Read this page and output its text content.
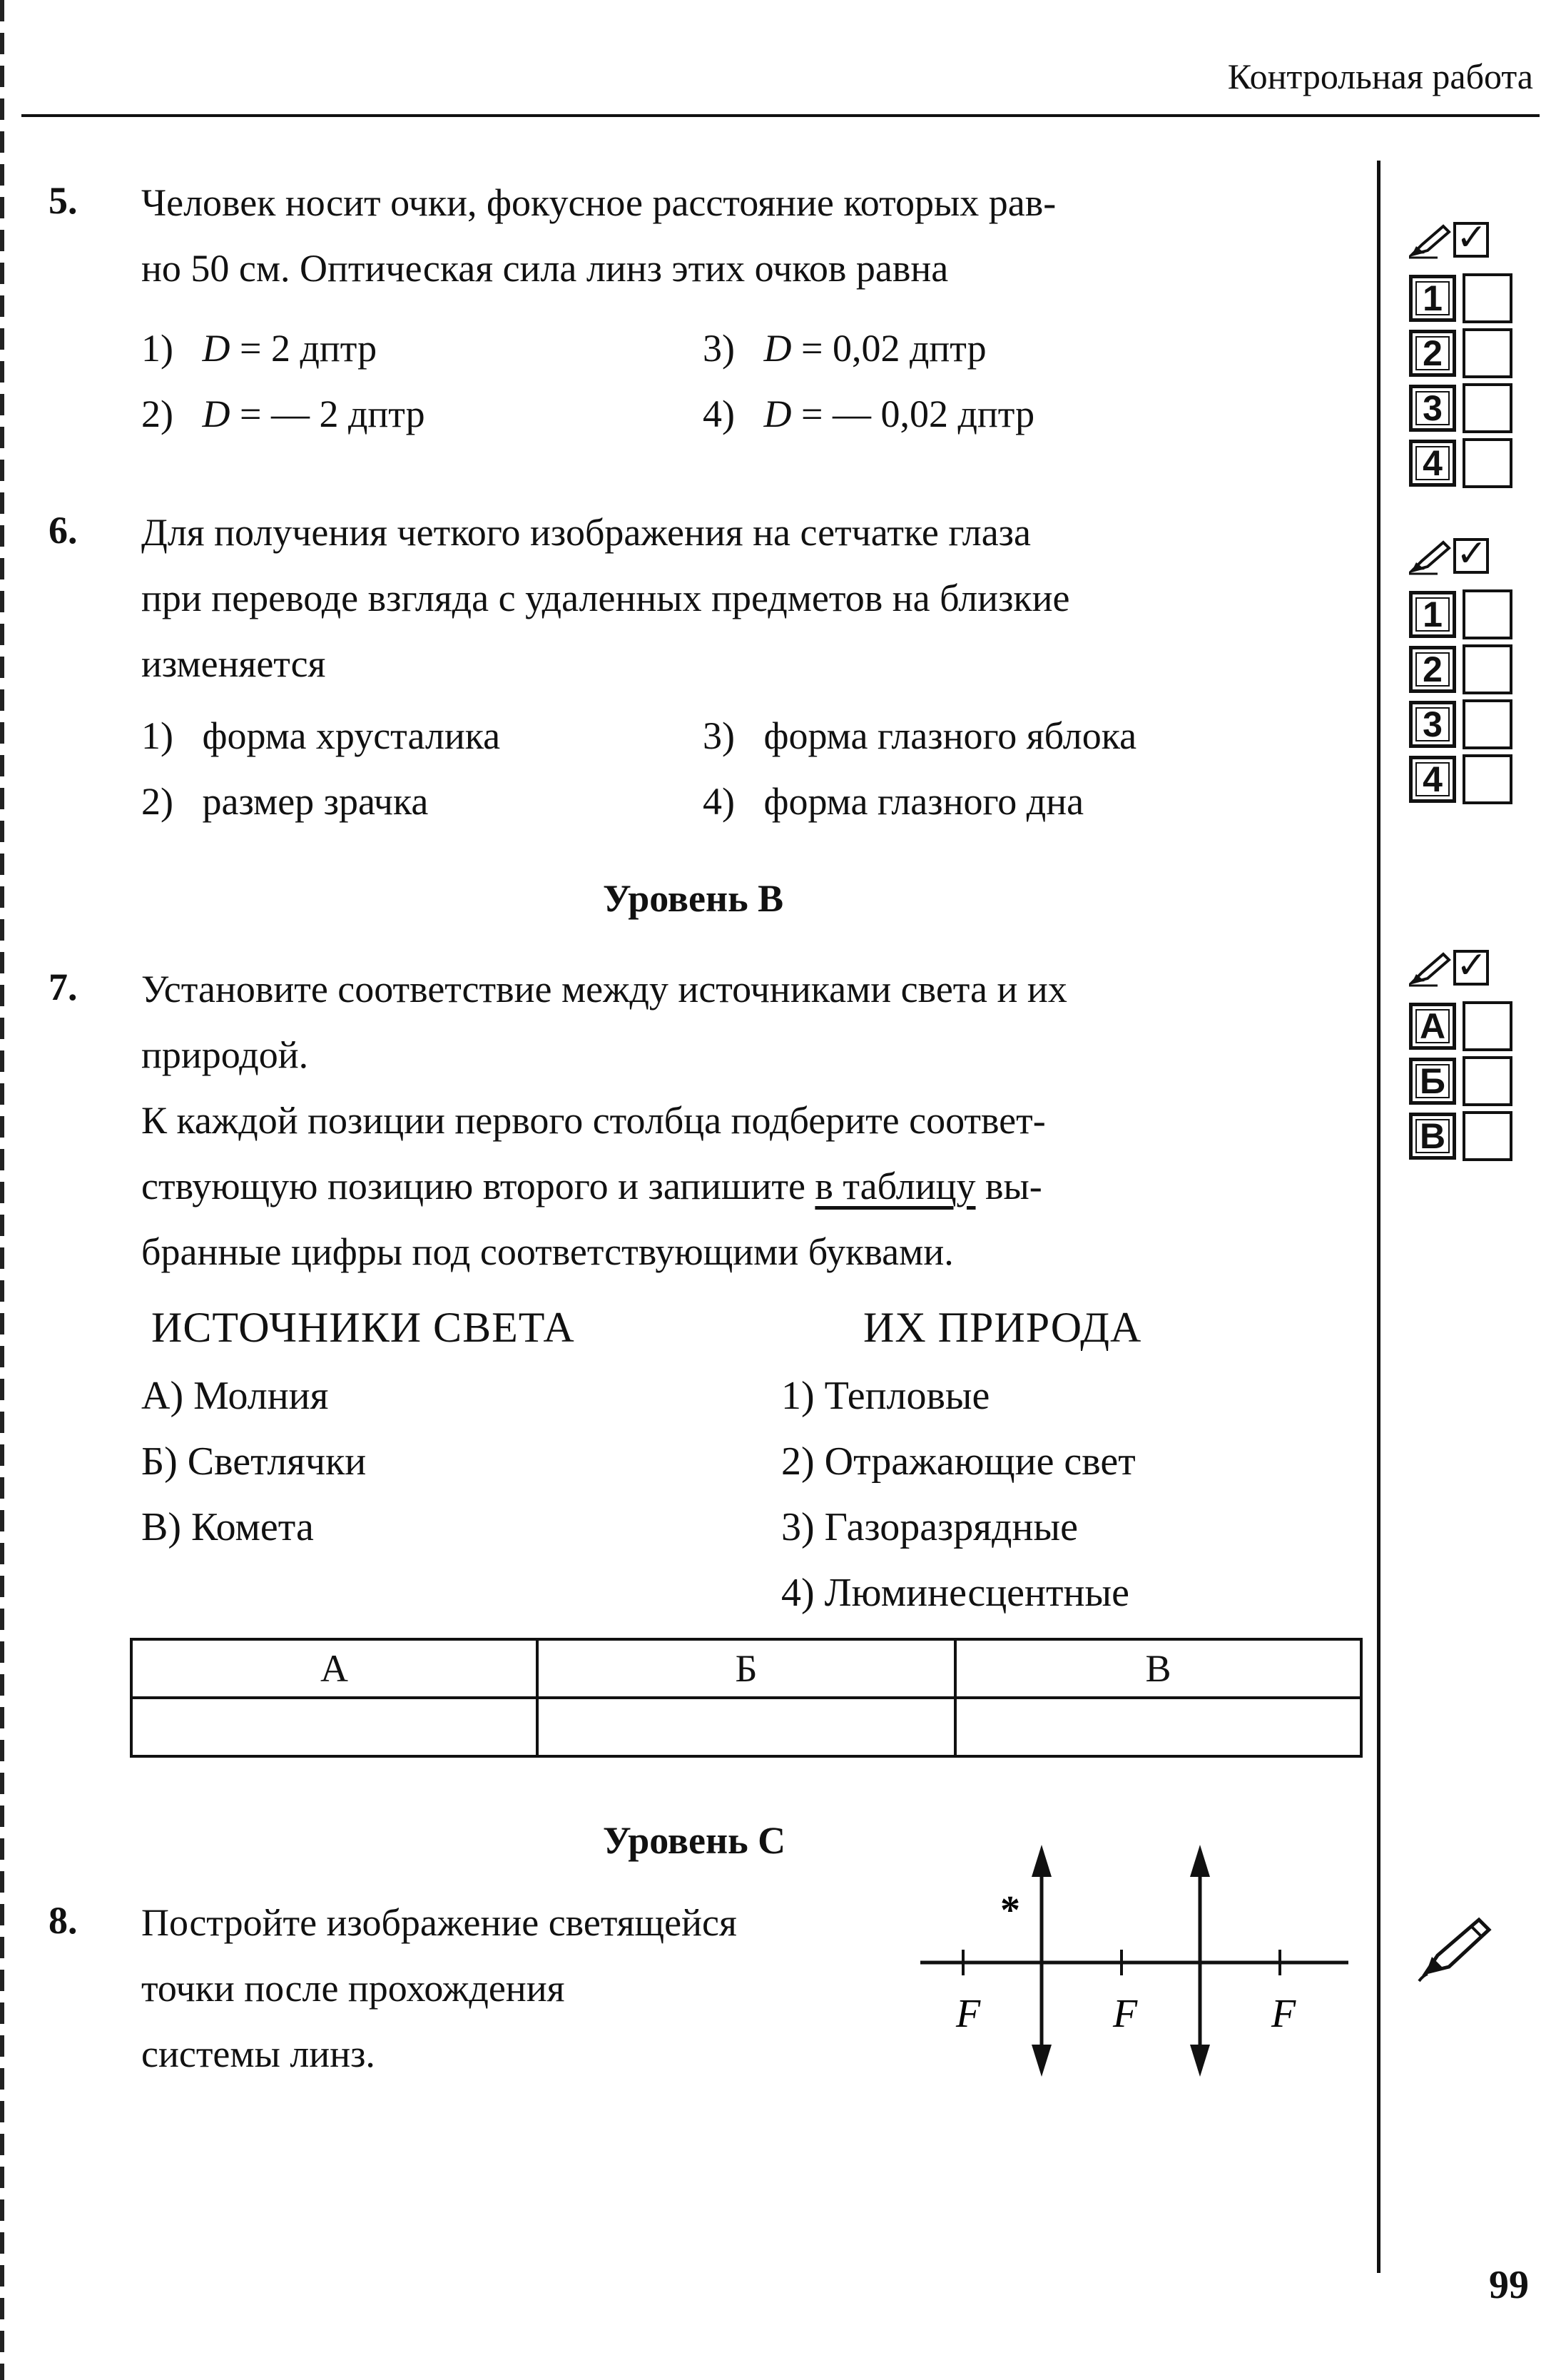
Контрольная работа
5. Человек носит очки, фокусное расстояние которых рав-
но 50 см. Оптическая сила линз этих очков равна
1) D = 2 дптр
2) D = — 2 дптр
3) D = 0,02 дптр
4) D = — 0,02 дптр
6. Для получения четкого изображения на сетчатке глаза
при переводе взгляда с удаленных предметов на близкие
изменяется
1) форма хрусталика
2) размер зрачка
3) форма глазного яблока
4) форма глазного дна
Уровень В
7. Установите соответствие между источниками света и их
природой.
К каждой позиции первого столбца подберите соответ-
ствующую позицию второго и запишите в таблицу вы-
бранные цифры под соответствующими буквами.
ИСТОЧНИКИ СВЕТА	ИХ ПРИРОДА
А) Молния
Б) Светлячки
В) Комета
1) Тепловые
2) Отражающие свет
3) Газоразрядные
4) Люминесцентные
А	Б	В

Уровень С
8. Постройте изображение светящейся
точки после прохождения
системы линз.
*
F	F	F
✓
1
2
3
4
✓
1
2
3
4
✓
А
Б
В
99
